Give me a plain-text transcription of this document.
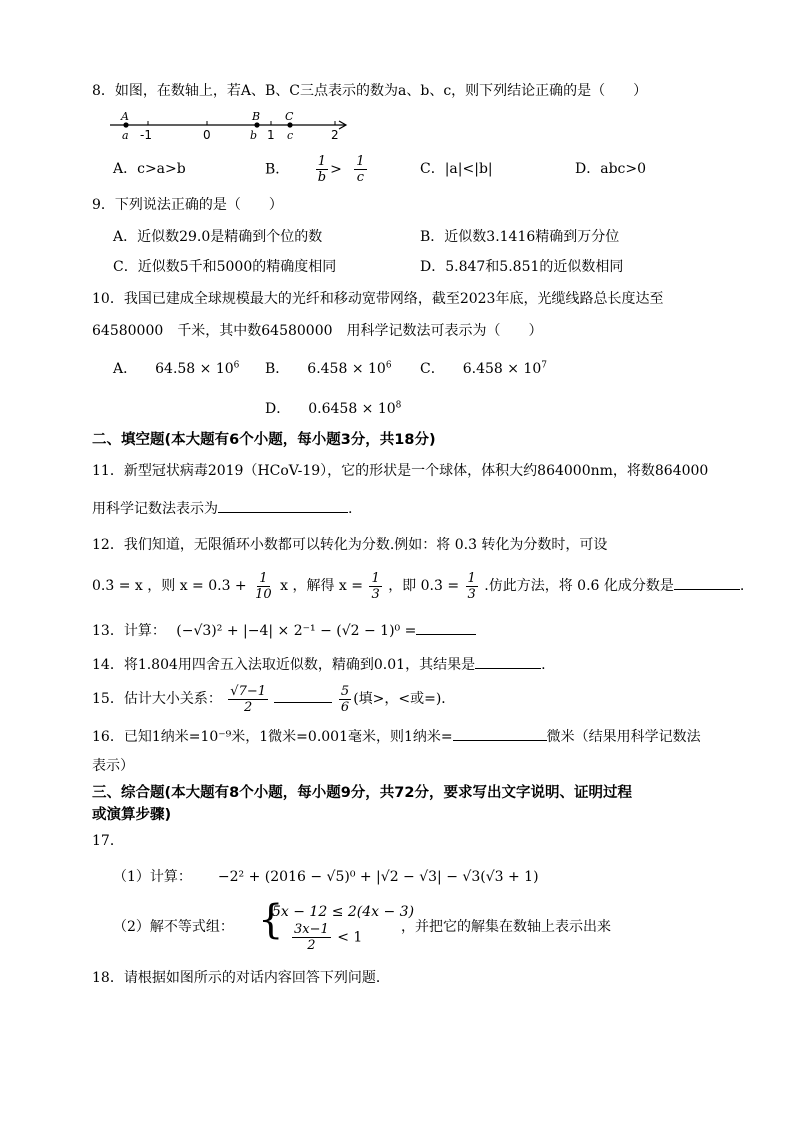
8．如图，在数轴上，若A、B、C三点表示的数为a、b、c，则下列结论正确的是（　　）
A	B C
a	b	c
-1	0	1	2
A．c>a>b	B． $\frac{1}{b} > \frac{1}{c}$	C．|a|<|b|	D．abc>0
9．下列说法正确的是（　　）
A．近似数29.0是精确到个位的数	B．近似数3.1416精确到万分位
C．近似数5千和5000的精确度相同	D．5.847和5.851的近似数相同
10．我国已建成全球规模最大的光纤和移动宽带网络，截至2023年底，光缆线路总长度达至
64580000　千米，其中数64580000　用科学记数法可表示为（　　）
A． $64.58 \times 10^6$ B． $6.458 \times 10^6$ C． $6.458 \times 10^7$
D． $0.6458 \times 10^8$
二、填空题(本大题有6个小题，每小题3分，共18分)
11．新型冠状病毒2019（HCoV-19），它的形状是一个球体，体积大约864000nm，将数864000
用科学记数法表示为	.
12．我们知道，无限循环小数都可以转化为分数.例如：将 0.3̇ 转化为分数时，可设
0.3̇ = x ，则 $x = 0.3 + \frac{1}{10}$ x ，解得 $x = \frac{1}{3}$ ，即 0.3̇ = $\frac{1}{3}$ .仿此方法，将 0.6̇ 化成分数是	.
13．计算： (−√3)² + |−4| × 2⁻¹ − (√2 − 1)⁰ =
14．将1.804用四舍五入法取近似数，精确到0.01，其结果是	.
15．估计大小关系： $\frac{√7-1}{2}$
	$\frac{5}{6}$ (填>，<或=)．
16．已知1纳米=10⁻⁹米，1微米=0.001毫米，则1纳米=	微米（结果用科学记数法
表示）
三、综合题(本大题有8个小题，每小题9分，共72分，要求写出文字说明、证明过程
或演算步骤)
17．
（1）计算： −2² + (2016 − √5)⁰ + |√2 − √3| − √3(√3 + 1)
（2）解不等式组： {
5x − 12 ≤ 2(4x − 3)
$\frac{3x-1}{2} < 1$
，并把它的解集在数轴上表示出来
18．请根据如图所示的对话内容回答下列问题．
